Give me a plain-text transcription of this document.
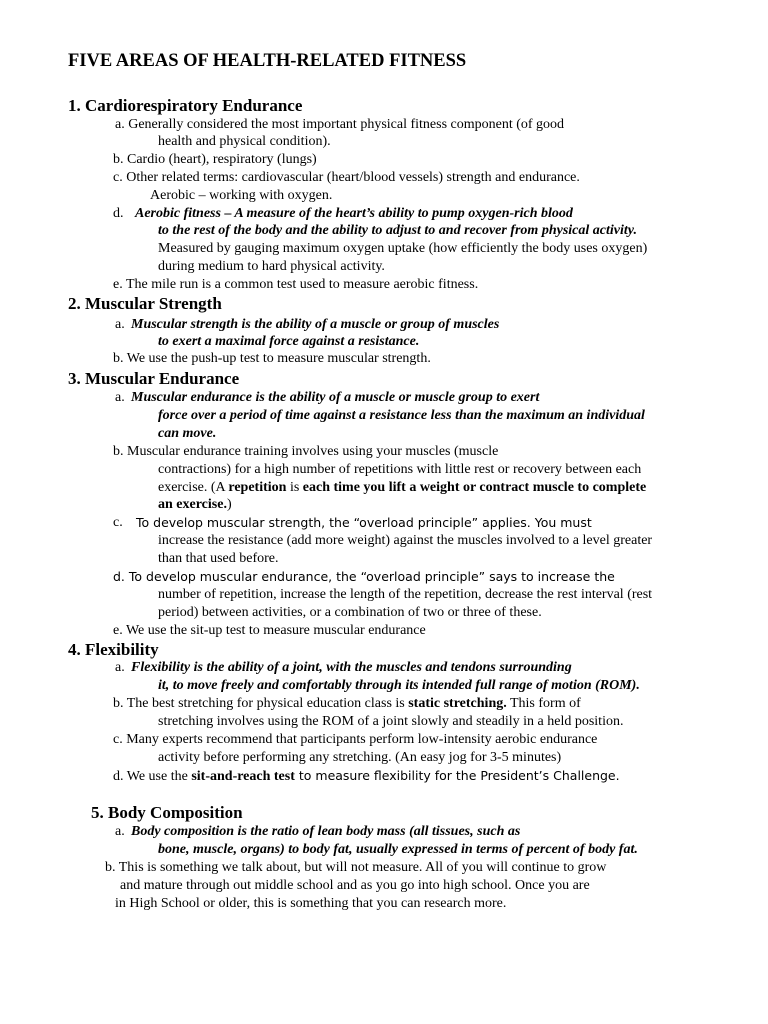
FIVE AREAS OF HEALTH-RELATED FITNESS
1. Cardiorespiratory Endurance
a. Generally considered the most important physical fitness component (of good
health and physical condition).
b. Cardio (heart), respiratory (lungs)
c. Other related terms: cardiovascular (heart/blood vessels) strength and endurance.
Aerobic – working with oxygen.
d. Aerobic fitness – A measure of the heart’s ability to pump oxygen-rich blood
to the rest of the body and the ability to adjust to and recover from physical activity.
Measured by gauging maximum oxygen uptake (how efficiently the body uses oxygen)
during medium to hard physical activity.
e. The mile run is a common test used to measure aerobic fitness.
2. Muscular Strength
a. Muscular strength is the ability of a muscle or group of muscles
to exert a maximal force against a resistance.
b. We use the push-up test to measure muscular strength.
3. Muscular Endurance
a. Muscular endurance is the ability of a muscle or muscle group to exert
force over a period of time against a resistance less than the maximum an individual
can move.
b. Muscular endurance training involves using your muscles (muscle
contractions) for a high number of repetitions with little rest or recovery between each
exercise. (A repetition is each time you lift a weight or contract muscle to complete
an exercise.)
c. To develop muscular strength, the “overload principle” applies. You must
increase the resistance (add more weight) against the muscles involved to a level greater
than that used before.
d. To develop muscular endurance, the “overload principle” says to increase the
number of repetition, increase the length of the repetition, decrease the rest interval (rest
period) between activities, or a combination of two or three of these.
e. We use the sit-up test to measure muscular endurance
4. Flexibility
a. Flexibility is the ability of a joint, with the muscles and tendons surrounding
it, to move freely and comfortably through its intended full range of motion (ROM).
b. The best stretching for physical education class is static stretching. This form of
stretching involves using the ROM of a joint slowly and steadily in a held position.
c. Many experts recommend that participants perform low-intensity aerobic endurance
activity before performing any stretching. (An easy jog for 3-5 minutes)
d. We use the sit-and-reach test to measure flexibility for the President’s Challenge.
5. Body Composition
a. Body composition is the ratio of lean body mass (all tissues, such as
bone, muscle, organs) to body fat, usually expressed in terms of percent of body fat.
b. This is something we talk about, but will not measure. All of you will continue to grow
and mature through out middle school and as you go into high school. Once you are
in High School or older, this is something that you can research more.
